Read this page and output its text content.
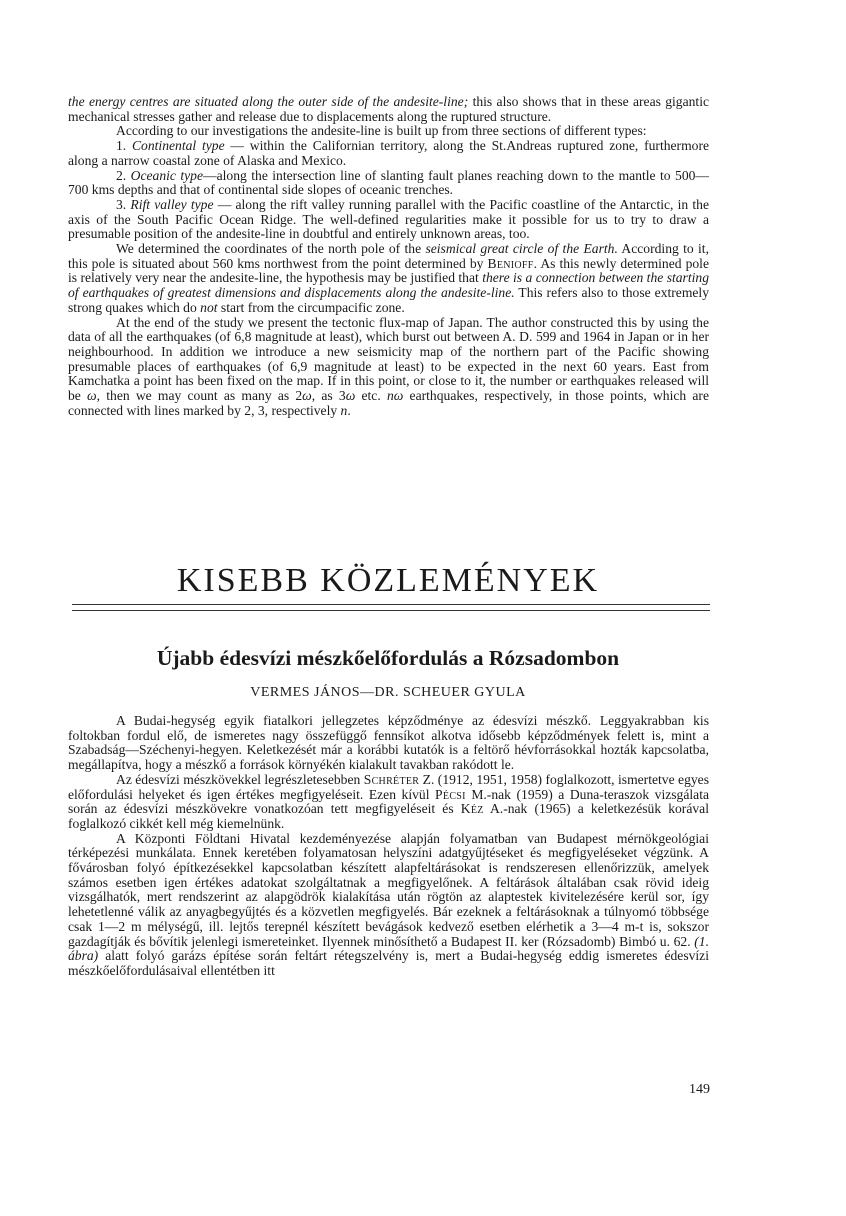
the energy centres are situated along the outer side of the andesite-line; this also shows that in these areas gigantic mechanical stresses gather and release due to displacements along the ruptured structure.

According to our investigations the andesite-line is built up from three sections of different types:

1. Continental type — within the Californian territory, along the St.Andreas ruptured zone, furthermore along a narrow coastal zone of Alaska and Mexico.

2. Oceanic type—along the intersection line of slanting fault planes reaching down to the mantle to 500—700 kms depths and that of continental side slopes of oceanic trenches.

3. Rift valley type — along the rift valley running parallel with the Pacific coastline of the Antarctic, in the axis of the South Pacific Ocean Ridge. The well-defined regularities make it possible for us to try to draw a presumable position of the andesite-line in doubtful and entirely unknown areas, too.

We determined the coordinates of the north pole of the seismical great circle of the Earth. According to it, this pole is situated about 560 kms northwest from the point determined by Benioff. As this newly determined pole is relatively very near the andesite-line, the hypothesis may be justified that there is a connection between the starting of earthquakes of greatest dimensions and displacements along the andesite-line. This refers also to those extremely strong quakes which do not start from the circumpacific zone.

At the end of the study we present the tectonic flux-map of Japan. The author constructed this by using the data of all the earthquakes (of 6,8 magnitude at least), which burst out between A. D. 599 and 1964 in Japan or in her neighbourhood. In addition we introduce a new seismicity map of the northern part of the Pacific showing presumable places of earthquakes (of 6,9 magnitude at least) to be expected in the next 60 years. East from Kamchatka a point has been fixed on the map. If in this point, or close to it, the number or earthquakes released will be ω, then we may count as many as 2ω, as 3ω etc. nω earthquakes, respectively, in those points, which are connected with lines marked by 2, 3, respectively n.

KISEBB KÖZLEMÉNYEK
Újabb édesvízi mészkőelőfordulás a Rózsadombon

VERMES JÁNOS—DR. SCHEUER GYULA

A Budai-hegység egyik fiatalkori jellegzetes képződménye az édesvízi mészkő. Leggyakrabban kis foltokban fordul elő, de ismeretes nagy összefüggő fennsíkot alkotva idősebb képződmények felett is, mint a Szabadság—Széchenyi-hegyen. Keletkezését már a korábbi kutatók is a feltörő hévforrásokkal hozták kapcsolatba, megállapítva, hogy a mészkő a források környékén kialakult tavakban rakódott le.

Az édesvízi mészkövekkel legrészletesebben Schréter Z. (1912, 1951, 1958) foglalkozott, ismertetve egyes előfordulási helyeket és igen értékes megfigyeléseit. Ezen kívül Pécsi M.-nak (1959) a Duna-teraszok vizsgálata során az édesvízi mészkövekre vonatkozóan tett megfigyeléseit és Kéz A.-nak (1965) a keletkezésük korával foglalkozó cikkét kell még kiemelnünk.

A Központi Földtani Hivatal kezdeményezése alapján folyamatban van Budapest mérnökgeológiai térképezési munkálata. Ennek keretében folyamatosan helyszíni adatgyűjtéseket és megfigyeléseket végzünk. A fővárosban folyó építkezésekkel kapcsolatban készített alapfeltárásokat is rendszeresen ellenőrizzük, amelyek számos esetben igen értékes adatokat szolgáltatnak a megfigyelőnek. A feltárások általában csak rövid ideig vizsgálhatók, mert rendszerint az alapgödrök kialakítása után rögtön az alaptestek kivitelezésére kerül sor, így lehetetlenné válik az anyagbegyűjtés és a közvetlen megfigyelés. Bár ezeknek a feltárásoknak a túlnyomó többsége csak 1—2 m mélységű, ill. lejtős terepnél készített bevágások kedvező esetben elérhetik a 3—4 m-t is, sokszor gazdagítják és bővítik jelenlegi ismereteinket. Ilyennek minősíthető a Budapest II. ker (Rózsadomb) Bimbó u. 62. (1. ábra) alatt folyó garázs építése során feltárt rétegszelvény is, mert a Budai-hegység eddig ismeretes édesvízi mészkőelőfordulásaival ellentétben itt

149
